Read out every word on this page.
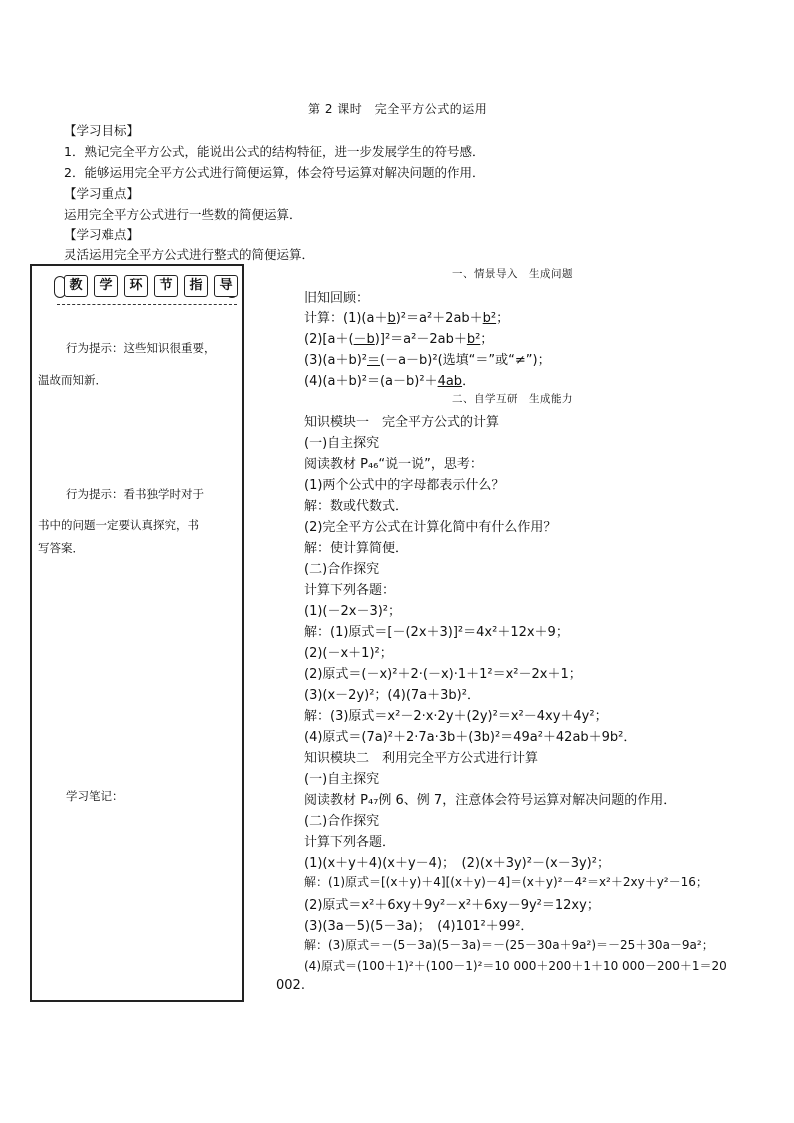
第 2 课时　完全平方公式的运用
【学习目标】
1．熟记完全平方公式，能说出公式的结构特征，进一步发展学生的符号感．
2．能够运用完全平方公式进行简便运算，体会符号运算对解决问题的作用．
【学习重点】
运用完全平方公式进行一些数的简便运算．
【学习难点】
灵活运用完全平方公式进行整式的简便运算．
教	学	环	节	指	导
行为提示：这些知识很重要，
温故而知新．
行为提示：看书独学时对于
书中的问题一定要认真探究，书
写答案．
学习笔记：
一、情景导入　生成问题
旧知回顾：
计算：(1)(a＋b)²＝a²＋2ab＋b²；
(2)[a＋(－b)]²＝a²－2ab＋b²；
(3)(a＋b)²＝(－a－b)²(选填“＝”或“≠”)；
(4)(a＋b)²＝(a－b)²＋4ab．
二、自学互研　生成能力
知识模块一　完全平方公式的计算
(一)自主探究
阅读教材 P₄₆“说一说”，思考：
(1)两个公式中的字母都表示什么？
解：数或代数式．
(2)完全平方公式在计算化简中有什么作用？
解：使计算简便．
(二)合作探究
计算下列各题：
(1)(－2x－3)²；
解：(1)原式＝[－(2x＋3)]²＝4x²＋12x＋9；
(2)(－x＋1)²；
(2)原式＝(－x)²＋2·(－x)·1＋1²＝x²－2x＋1；
(3)(x－2y)²；(4)(7a＋3b)²．
解：(3)原式＝x²－2·x·2y＋(2y)²＝x²－4xy＋4y²；
(4)原式＝(7a)²＋2·7a·3b＋(3b)²＝49a²＋42ab＋9b²．
知识模块二　利用完全平方公式进行计算
(一)自主探究
阅读教材 P₄₇例 6、例 7，注意体会符号运算对解决问题的作用．
(二)合作探究
计算下列各题．
(1)(x＋y＋4)(x＋y－4)；　(2)(x＋3y)²－(x－3y)²；
解：(1)原式＝[(x＋y)＋4][(x＋y)－4]＝(x＋y)²－4²＝x²＋2xy＋y²－16；
(2)原式＝x²＋6xy＋9y²－x²＋6xy－9y²＝12xy；
(3)(3a－5)(5－3a)；　(4)101²＋99²．
解：(3)原式＝－(5－3a)(5－3a)＝－(25－30a＋9a²)＝－25＋30a－9a²；
(4)原式＝(100＋1)²＋(100－1)²＝10 000＋200＋1＋10 000－200＋1＝20
002.
